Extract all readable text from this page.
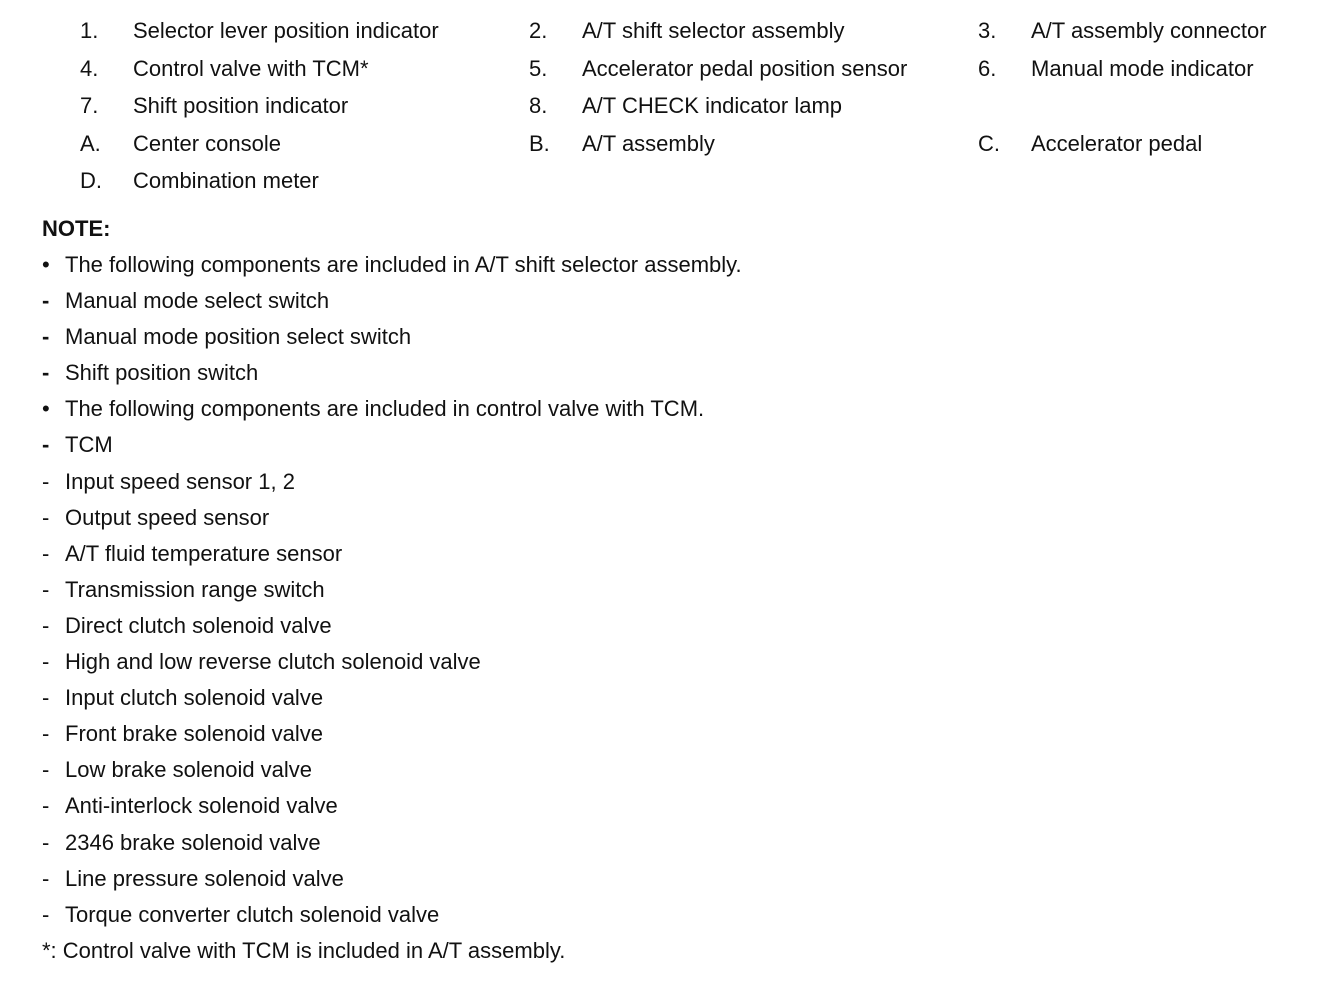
1. Selector lever position indicator	2. A/T shift selector assembly	3. A/T assembly connector
4. Control valve with TCM*	5. Accelerator pedal position sensor	6. Manual mode indicator
7. Shift position indicator	8. A/T CHECK indicator lamp
A. Center console	B. A/T assembly	C. Accelerator pedal
D. Combination meter
NOTE:
• The following components are included in A/T shift selector assembly.
- Manual mode select switch
- Manual mode position select switch
- Shift position switch
• The following components are included in control valve with TCM.
- TCM
- Input speed sensor 1, 2
- Output speed sensor
- A/T fluid temperature sensor
- Transmission range switch
- Direct clutch solenoid valve
- High and low reverse clutch solenoid valve
- Input clutch solenoid valve
- Front brake solenoid valve
- Low brake solenoid valve
- Anti-interlock solenoid valve
- 2346 brake solenoid valve
- Line pressure solenoid valve
- Torque converter clutch solenoid valve
*: Control valve with TCM is included in A/T assembly.
